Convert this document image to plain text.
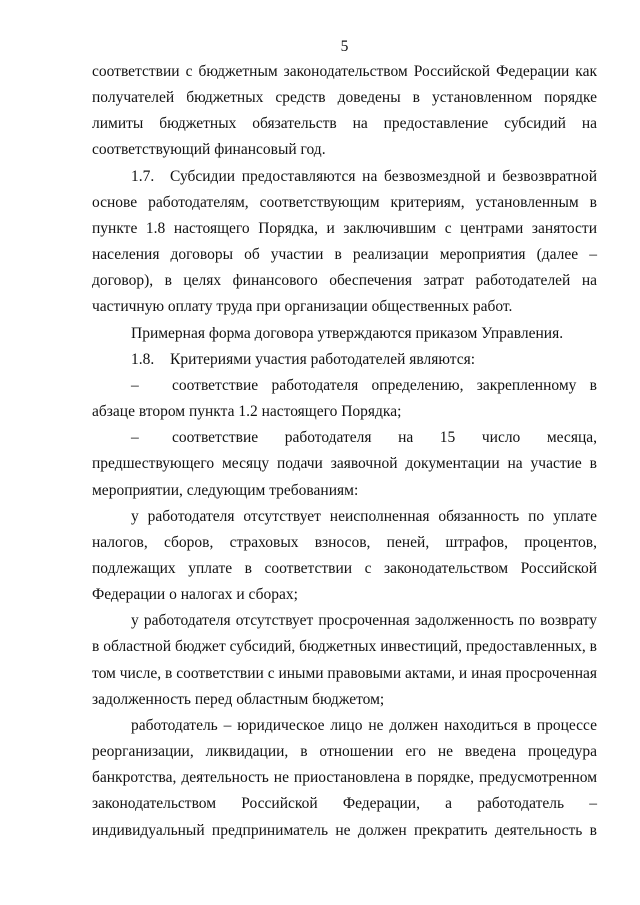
5

соответствии с бюджетным законодательством Российской Федерации как получателей бюджетных средств доведены в установленном порядке лимиты бюджетных обязательств на предоставление субсидий на соответствующий финансовый год.

1.7. Субсидии предоставляются на безвозмездной и безвозвратной основе работодателям, соответствующим критериям, установленным в пункте 1.8 настоящего Порядка, и заключившим с центрами занятости населения договоры об участии в реализации мероприятия (далее – договор), в целях финансового обеспечения затрат работодателей на частичную оплату труда при организации общественных работ.

Примерная форма договора утверждаются приказом Управления.

1.8. Критериями участия работодателей являются:

– соответствие работодателя определению, закрепленному в абзаце втором пункта 1.2 настоящего Порядка;

– соответствие работодателя на 15 число месяца, предшествующего месяцу подачи заявочной документации на участие в мероприятии, следующим требованиям:

у работодателя отсутствует неисполненная обязанность по уплате налогов, сборов, страховых взносов, пеней, штрафов, процентов, подлежащих уплате в соответствии с законодательством Российской Федерации о налогах и сборах;

у работодателя отсутствует просроченная задолженность по возврату в областной бюджет субсидий, бюджетных инвестиций, предоставленных, в том числе, в соответствии с иными правовыми актами, и иная просроченная задолженность перед областным бюджетом;

работодатель – юридическое лицо не должен находиться в процессе реорганизации, ликвидации, в отношении его не введена процедура банкротства, деятельность не приостановлена в порядке, предусмотренном законодательством Российской Федерации, а работодатель – индивидуальный предприниматель не должен прекратить деятельность в
